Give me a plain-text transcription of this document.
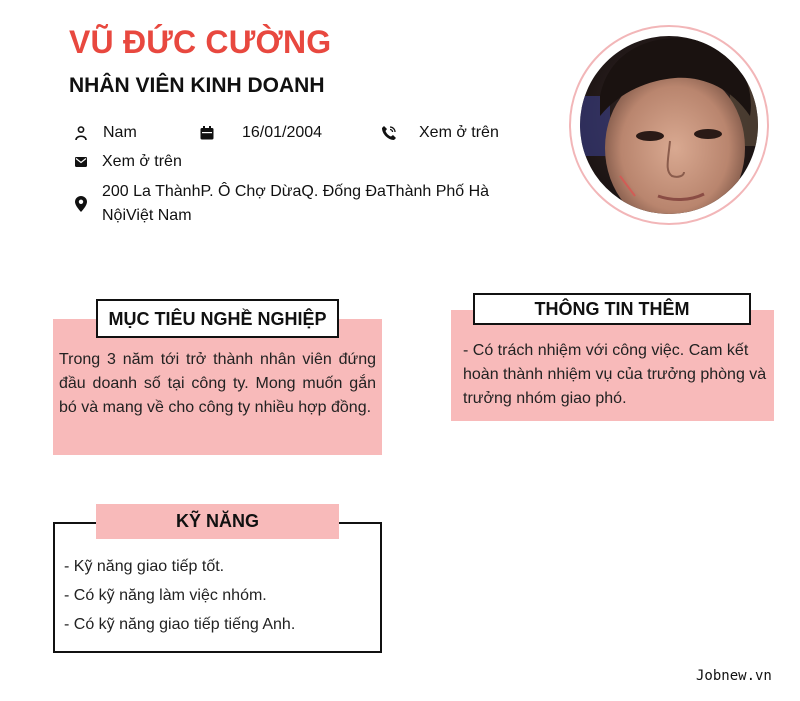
VŨ ĐỨC CƯỜNG
NHÂN VIÊN KINH DOANH
Nam	16/01/2004	Xem ở trên
Xem ở trên
200 La ThànhP. Ô Chợ DừaQ. Đống ĐaThành Phố Hà
NộiViệt Nam
MỤC TIÊU NGHỀ NGHIỆP
Trong 3 năm tới trở thành nhân viên đứng đầu doanh số tại công ty. Mong muốn gắn bó và mang về cho công ty nhiều hợp đồng.
THÔNG TIN THÊM
- Có trách nhiệm với công việc. Cam kết hoàn thành nhiệm vụ của trưởng phòng và trưởng nhóm giao phó.
KỸ NĂNG
- Kỹ năng giao tiếp tốt.
- Có kỹ năng làm việc nhóm.
- Có kỹ năng giao tiếp tiếng Anh.
Jobnew.vn
